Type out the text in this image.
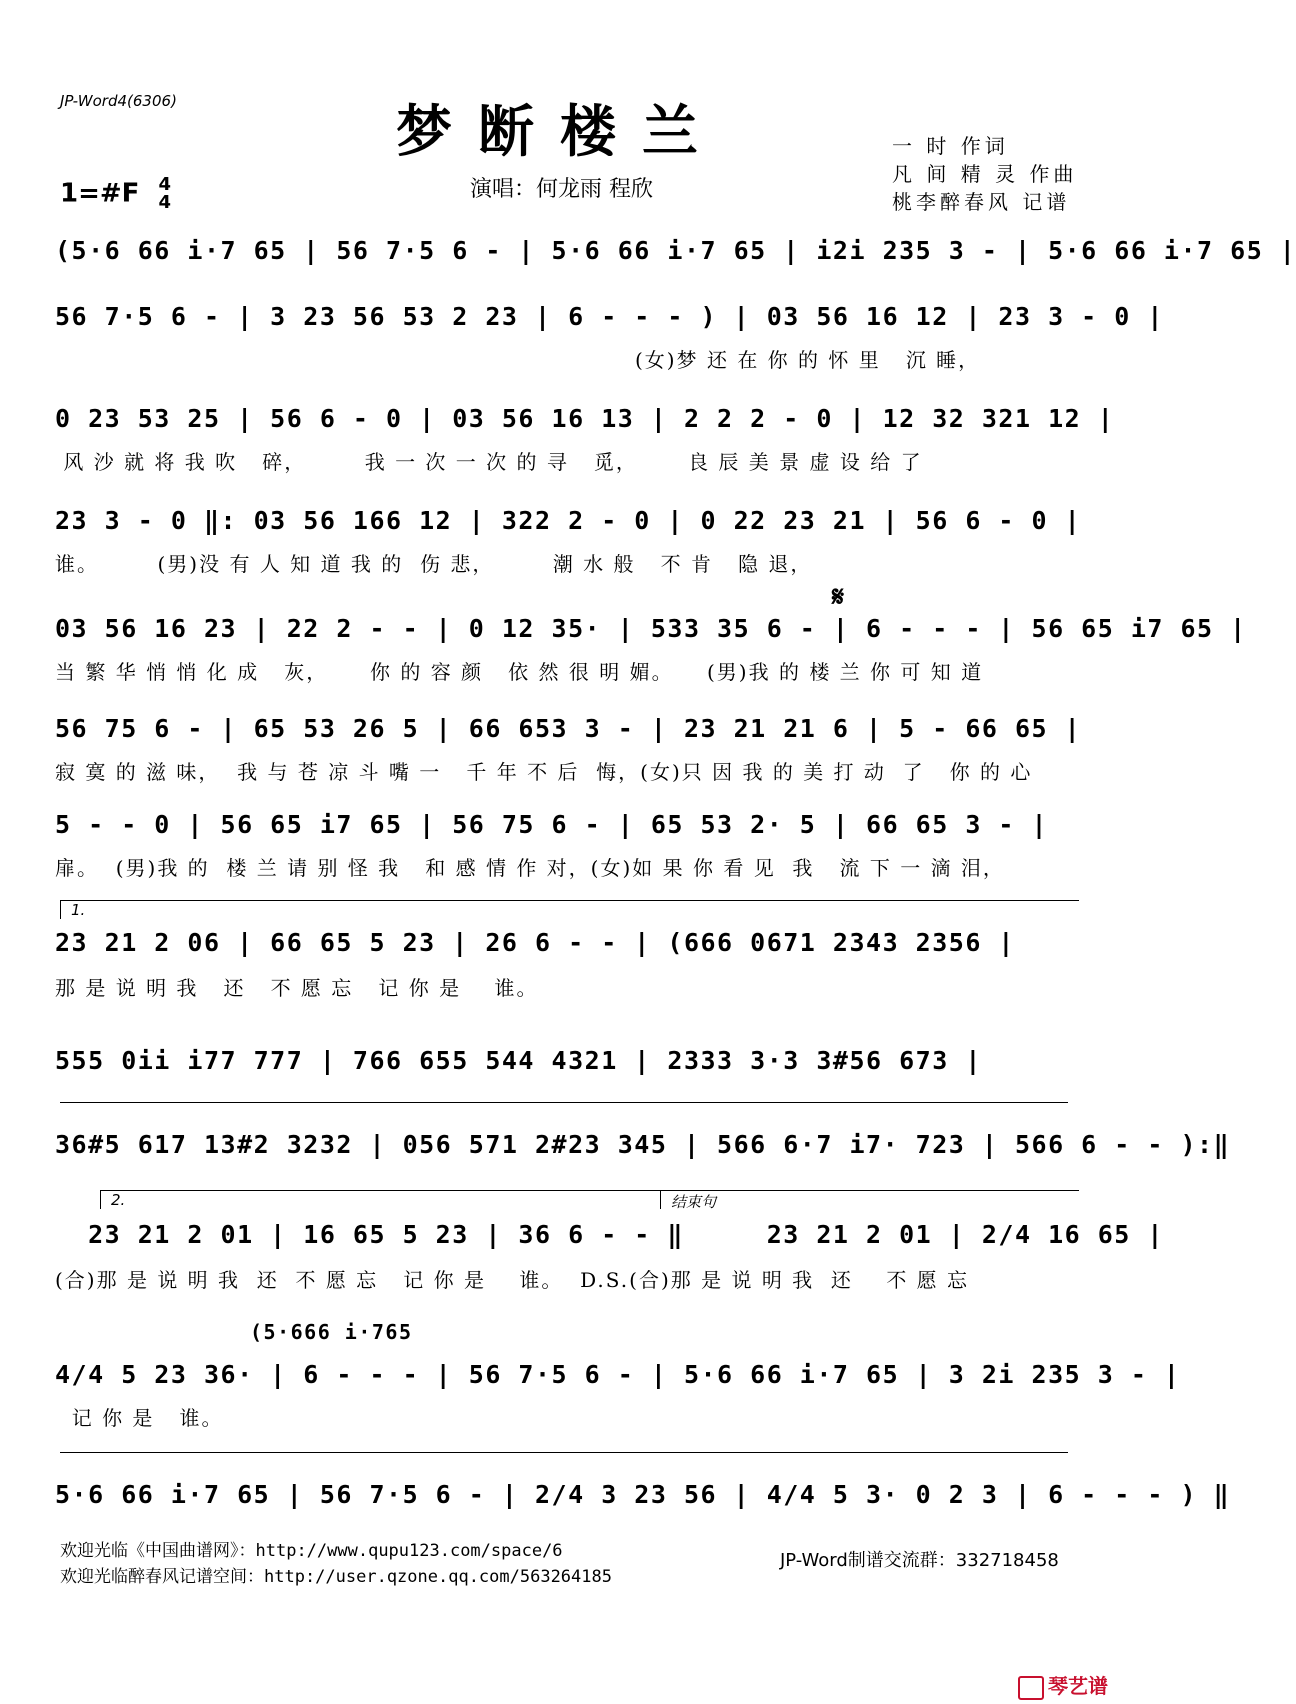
JP-Word4(6306)	梦断楼兰
1=#F 4
4
演唱：何龙雨 程欣
一 时 作词
凡 间 精 灵 作曲
桃李醉春风 记谱
(5·6 66 i·7 65 | 56 7·5 6 - | 5·6 66 i·7 65 | i2i 235 3 - | 5·6 66 i·7 65 |
56 7·5 6 - | 3 23 56 53 2 23 | 6 - - - ) | 03 56 16 12 | 23 3 - 0 |
(女)梦 还 在 你 的 怀 里   沉 睡，
0 23 53 25 | 56 6 - 0 | 03 56 16 13 | 2 2 2 - 0 | 12 32 321 12 |
风 沙 就 将 我 吹   碎，       我 一 次 一 次 的 寻   觅，      良 辰 美 景 虚 设 给 了
23 3 - 0 ‖: 03 56 166 12 | 322 2 - 0 | 0 22 23 21 | 56 6 - 0 |
谁。       (男)没 有 人 知 道 我 的  伤 悲，       潮 水 般   不 肯   隐 退，
𝄋
03 56 16 23 | 22 2 - - | 0 12 35· | 533 35 6 - | 6 - - - | 56 65 i7 65 |
当 繁 华 悄 悄 化 成   灰，     你 的 容 颜   依 然 很 明 媚。    (男)我 的 楼 兰 你 可 知 道
56 75 6 - | 65 53 26 5 | 66 653 3 - | 23 21 21 6 | 5 - 66 65 |
寂 寞 的 滋 味，  我 与 苍 凉 斗 嘴 一   千 年 不 后  悔，(女)只 因 我 的 美 打 动  了   你 的 心
5 - - 0 | 56 65 i7 65 | 56 75 6 - | 65 53 2· 5 | 66 65 3 - |
扉。  (男)我 的  楼 兰 请 别 怪 我   和 感 情 作 对，(女)如 果 你 看 见  我   流 下 一 滴 泪，
1.
23 21 2 06 | 66 65 5 23 | 26 6 - - | (666 0671 2343 2356 |
那 是 说 明 我   还   不 愿 忘   记 你 是    谁。
555 0ii i77 777 | 766 655 544 4321 | 2333 3·3 3#56 673 |
36#5 617 13#2 3232 | 056 571 2#23 345 | 566 6·7 i7· 723 | 566 6 - - ):‖
2.	结束句
23 21 2 01 | 16 65 5 23 | 36 6 - - ‖     23 21 2 01 | 2/4 16 65 |
(合)那 是 说 明 我  还  不 愿 忘   记 你 是    谁。  D.S.(合)那 是 说 明 我  还    不 愿 忘
(5·666 i·765
4/4 5 23 36· | 6 - - - | 56 7·5 6 - | 5·6 66 i·7 65 | 3 2i 235 3 - |
记 你 是   谁。
5·6 66 i·7 65 | 56 7·5 6 - | 2/4 3 23 56 | 4/4 5 3· 0 2 3 | 6 - - - ) ‖
欢迎光临《中国曲谱网》：http://www.qupu123.com/space/6
欢迎光临醉春风记谱空间：http://user.qzone.qq.com/563264185
JP-Word制谱交流群：332718458
琴艺谱
